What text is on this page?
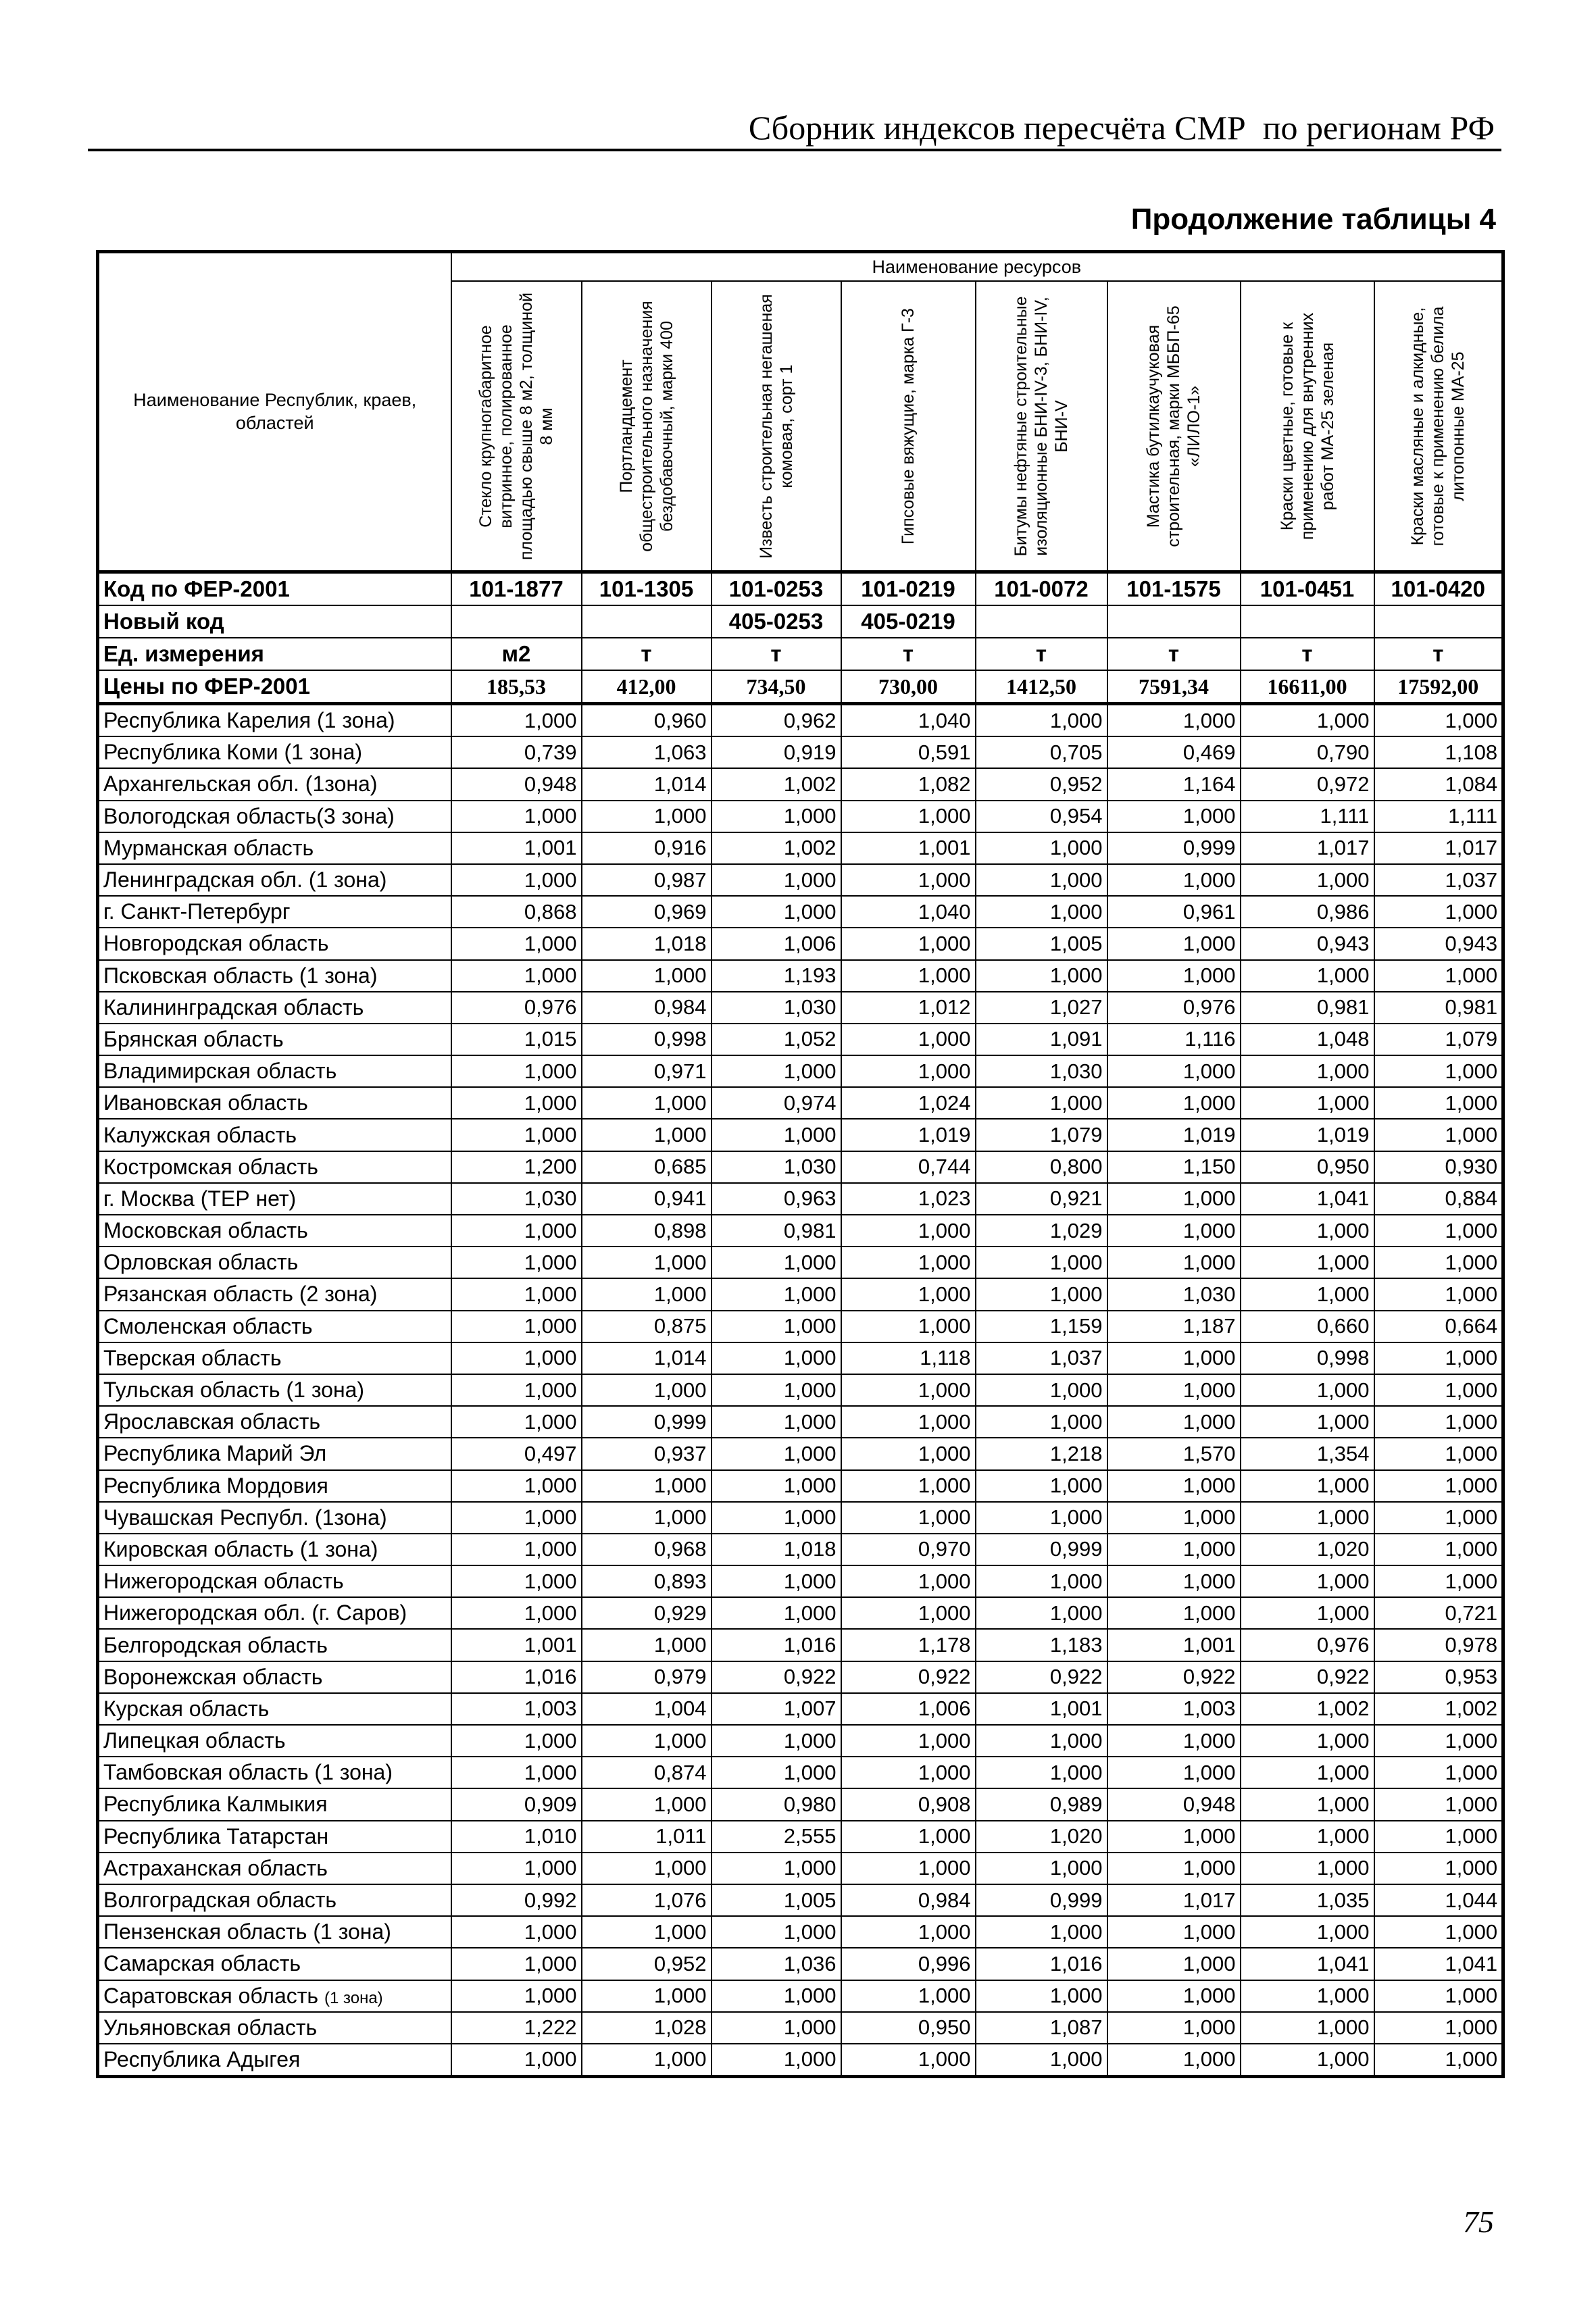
Сборник индексов пересчёта СМР  по регионам РФ
Продолжение таблицы 4
Наименование Республик, краев, областей	Наименование ресурсов							

	Стекло крупногабаритное витринное, полированное площадью свыше 8 м2, толщиной 8 мм	Портландцемент общестроительного назначения бездобавочный, марки 400	Известь строительная негашеная комовая, сорт 1	Гипсовые вяжущие, марка Г-3	Битумы нефтяные строительные изоляционные БНИ-IV-3, БНИ-IV, БНИ-V	Мастика бутилкаучуковая строительная, марки МББП-65 «ЛИЛО-1»	Краски цветные, готовые к применению для внутренних работ МА-25 зеленая	Краски масляные и алкидные, готовые к применению белила литопонные МА-25

Код по ФЕР-2001	101-1877	101-1305	101-0253	101-0219	101-0072	101-1575	101-0451	101-0420
Новый код			405-0253	405-0219				
Ед. измерения	м2	т	т	т	т	т	т	т
Цены по ФЕР-2001	185,53	412,00	734,50	730,00	1412,50	7591,34	16611,00	17592,00
Республика Карелия (1 зона)	1,000	0,960	0,962	1,040	1,000	1,000	1,000	1,000
Республика Коми (1 зона)	0,739	1,063	0,919	0,591	0,705	0,469	0,790	1,108
Архангельская обл. (1зона)	0,948	1,014	1,002	1,082	0,952	1,164	0,972	1,084
Вологодская область(3 зона)	1,000	1,000	1,000	1,000	0,954	1,000	1,111	1,111
Мурманская область	1,001	0,916	1,002	1,001	1,000	0,999	1,017	1,017
Ленинградская обл. (1 зона)	1,000	0,987	1,000	1,000	1,000	1,000	1,000	1,037
г. Санкт-Петербург	0,868	0,969	1,000	1,040	1,000	0,961	0,986	1,000
Новгородская область	1,000	1,018	1,006	1,000	1,005	1,000	0,943	0,943
Псковская область (1 зона)	1,000	1,000	1,193	1,000	1,000	1,000	1,000	1,000
Калининградская область	0,976	0,984	1,030	1,012	1,027	0,976	0,981	0,981
Брянская область	1,015	0,998	1,052	1,000	1,091	1,116	1,048	1,079
Владимирская область	1,000	0,971	1,000	1,000	1,030	1,000	1,000	1,000
Ивановская область	1,000	1,000	0,974	1,024	1,000	1,000	1,000	1,000
Калужская область	1,000	1,000	1,000	1,019	1,079	1,019	1,019	1,000
Костромская область	1,200	0,685	1,030	0,744	0,800	1,150	0,950	0,930
г. Москва (ТЕР нет)	1,030	0,941	0,963	1,023	0,921	1,000	1,041	0,884
Московская область	1,000	0,898	0,981	1,000	1,029	1,000	1,000	1,000
Орловская область	1,000	1,000	1,000	1,000	1,000	1,000	1,000	1,000
Рязанская область (2 зона)	1,000	1,000	1,000	1,000	1,000	1,030	1,000	1,000
Смоленская область	1,000	0,875	1,000	1,000	1,159	1,187	0,660	0,664
Тверская область	1,000	1,014	1,000	1,118	1,037	1,000	0,998	1,000
Тульская область (1 зона)	1,000	1,000	1,000	1,000	1,000	1,000	1,000	1,000
Ярославская область	1,000	0,999	1,000	1,000	1,000	1,000	1,000	1,000
Республика Марий Эл	0,497	0,937	1,000	1,000	1,218	1,570	1,354	1,000
Республика Мордовия	1,000	1,000	1,000	1,000	1,000	1,000	1,000	1,000
Чувашская Республ. (1зона)	1,000	1,000	1,000	1,000	1,000	1,000	1,000	1,000
Кировская область (1 зона)	1,000	0,968	1,018	0,970	0,999	1,000	1,020	1,000
Нижегородская область	1,000	0,893	1,000	1,000	1,000	1,000	1,000	1,000
Нижегородская обл. (г. Саров)	1,000	0,929	1,000	1,000	1,000	1,000	1,000	0,721
Белгородская область	1,001	1,000	1,016	1,178	1,183	1,001	0,976	0,978
Воронежская область	1,016	0,979	0,922	0,922	0,922	0,922	0,922	0,953
Курская область	1,003	1,004	1,007	1,006	1,001	1,003	1,002	1,002
Липецкая область	1,000	1,000	1,000	1,000	1,000	1,000	1,000	1,000
Тамбовская область (1 зона)	1,000	0,874	1,000	1,000	1,000	1,000	1,000	1,000
Республика Калмыкия	0,909	1,000	0,980	0,908	0,989	0,948	1,000	1,000
Республика Татарстан	1,010	1,011	2,555	1,000	1,020	1,000	1,000	1,000
Астраханская область	1,000	1,000	1,000	1,000	1,000	1,000	1,000	1,000
Волгоградская область	0,992	1,076	1,005	0,984	0,999	1,017	1,035	1,044
Пензенская область (1 зона)	1,000	1,000	1,000	1,000	1,000	1,000	1,000	1,000
Самарская область	1,000	0,952	1,036	0,996	1,016	1,000	1,041	1,041
Саратовская область (1 зона)	1,000	1,000	1,000	1,000	1,000	1,000	1,000	1,000
Ульяновская область	1,222	1,028	1,000	0,950	1,087	1,000	1,000	1,000
Республика Адыгея	1,000	1,000	1,000	1,000	1,000	1,000	1,000	1,000
75
